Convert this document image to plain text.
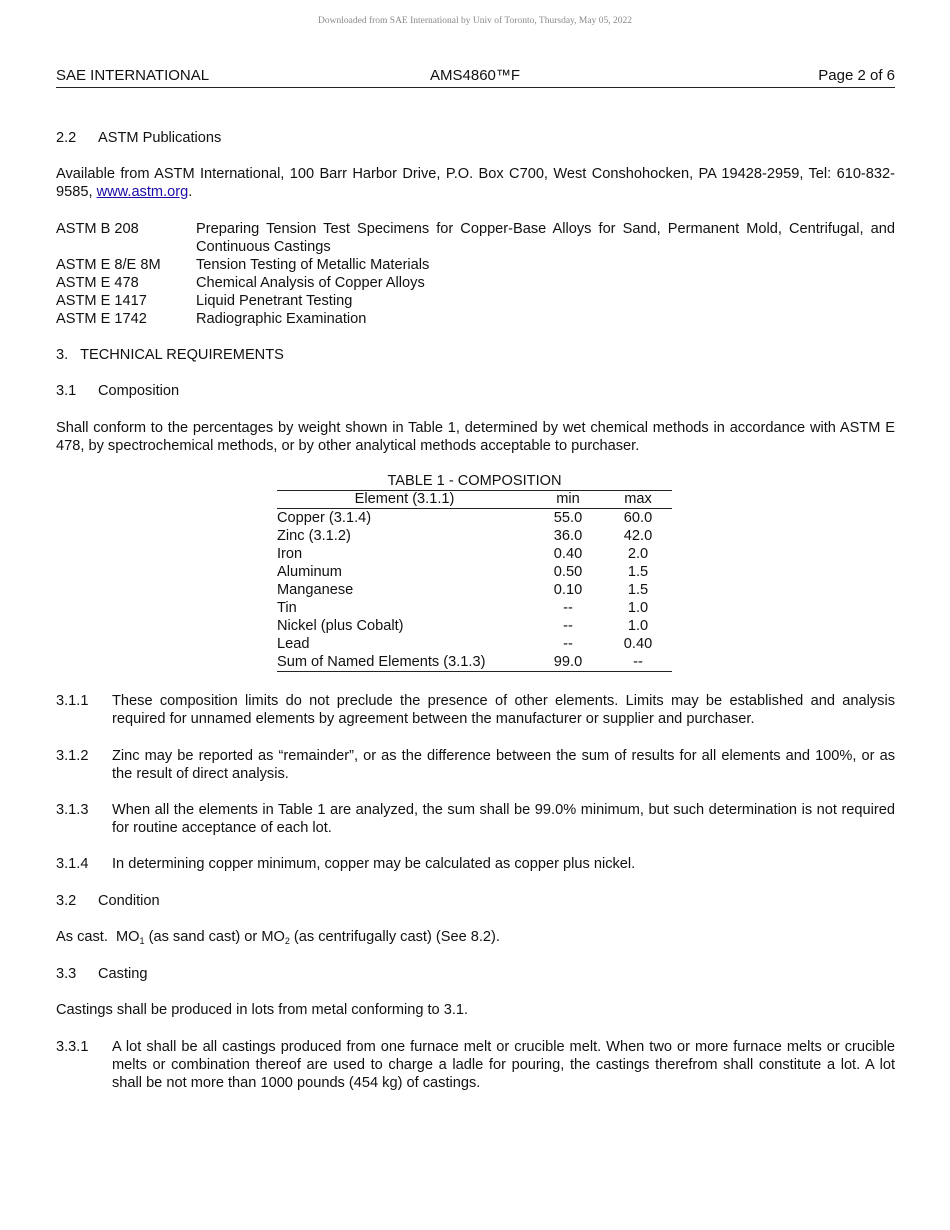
Downloaded from SAE International by Univ of Toronto, Thursday, May 05, 2022
SAE INTERNATIONAL	AMS4860™F	Page 2 of 6
2.2 ASTM Publications
Available from ASTM International, 100 Barr Harbor Drive, P.O. Box C700, West Conshohocken, PA 19428-2959, Tel: 610-832-9585, www.astm.org.
ASTM B 208	Preparing Tension Test Specimens for Copper-Base Alloys for Sand, Permanent Mold, Centrifugal, and Continuous Castings
ASTM E 8/E 8M	Tension Testing of Metallic Materials
ASTM E 478	Chemical Analysis of Copper Alloys
ASTM E 1417	Liquid Penetrant Testing
ASTM E 1742	Radiographic Examination
3.   TECHNICAL REQUIREMENTS
3.1 Composition
Shall conform to the percentages by weight shown in Table 1, determined by wet chemical methods in accordance with ASTM E 478, by spectrochemical methods, or by other analytical methods acceptable to purchaser.
TABLE 1 - COMPOSITION
Element (3.1.1)	min	max
Copper (3.1.4)	55.0	60.0
Zinc (3.1.2)	36.0	42.0
Iron	0.40	2.0
Aluminum	0.50	1.5
Manganese	0.10	1.5
Tin	--	1.0
Nickel (plus Cobalt)	--	1.0
Lead	--	0.40
Sum of Named Elements (3.1.3)	99.0	--
3.1.1 These composition limits do not preclude the presence of other elements. Limits may be established and analysis required for unnamed elements by agreement between the manufacturer or supplier and purchaser.
3.1.2 Zinc may be reported as “remainder”, or as the difference between the sum of results for all elements and 100%, or as the result of direct analysis.
3.1.3 When all the elements in Table 1 are analyzed, the sum shall be 99.0% minimum, but such determination is not required for routine acceptance of each lot.
3.1.4 In determining copper minimum, copper may be calculated as copper plus nickel.
3.2 Condition
As cast.  $MO_1$ (as sand cast) or $MO_2$ (as centrifugally cast) (See 8.2).
3.3 Casting
Castings shall be produced in lots from metal conforming to 3.1.
3.3.1 A lot shall be all castings produced from one furnace melt or crucible melt. When two or more furnace melts or crucible melts or combination thereof are used to charge a ladle for pouring, the castings therefrom shall constitute a lot. A lot shall be not more than 1000 pounds (454 kg) of castings.
